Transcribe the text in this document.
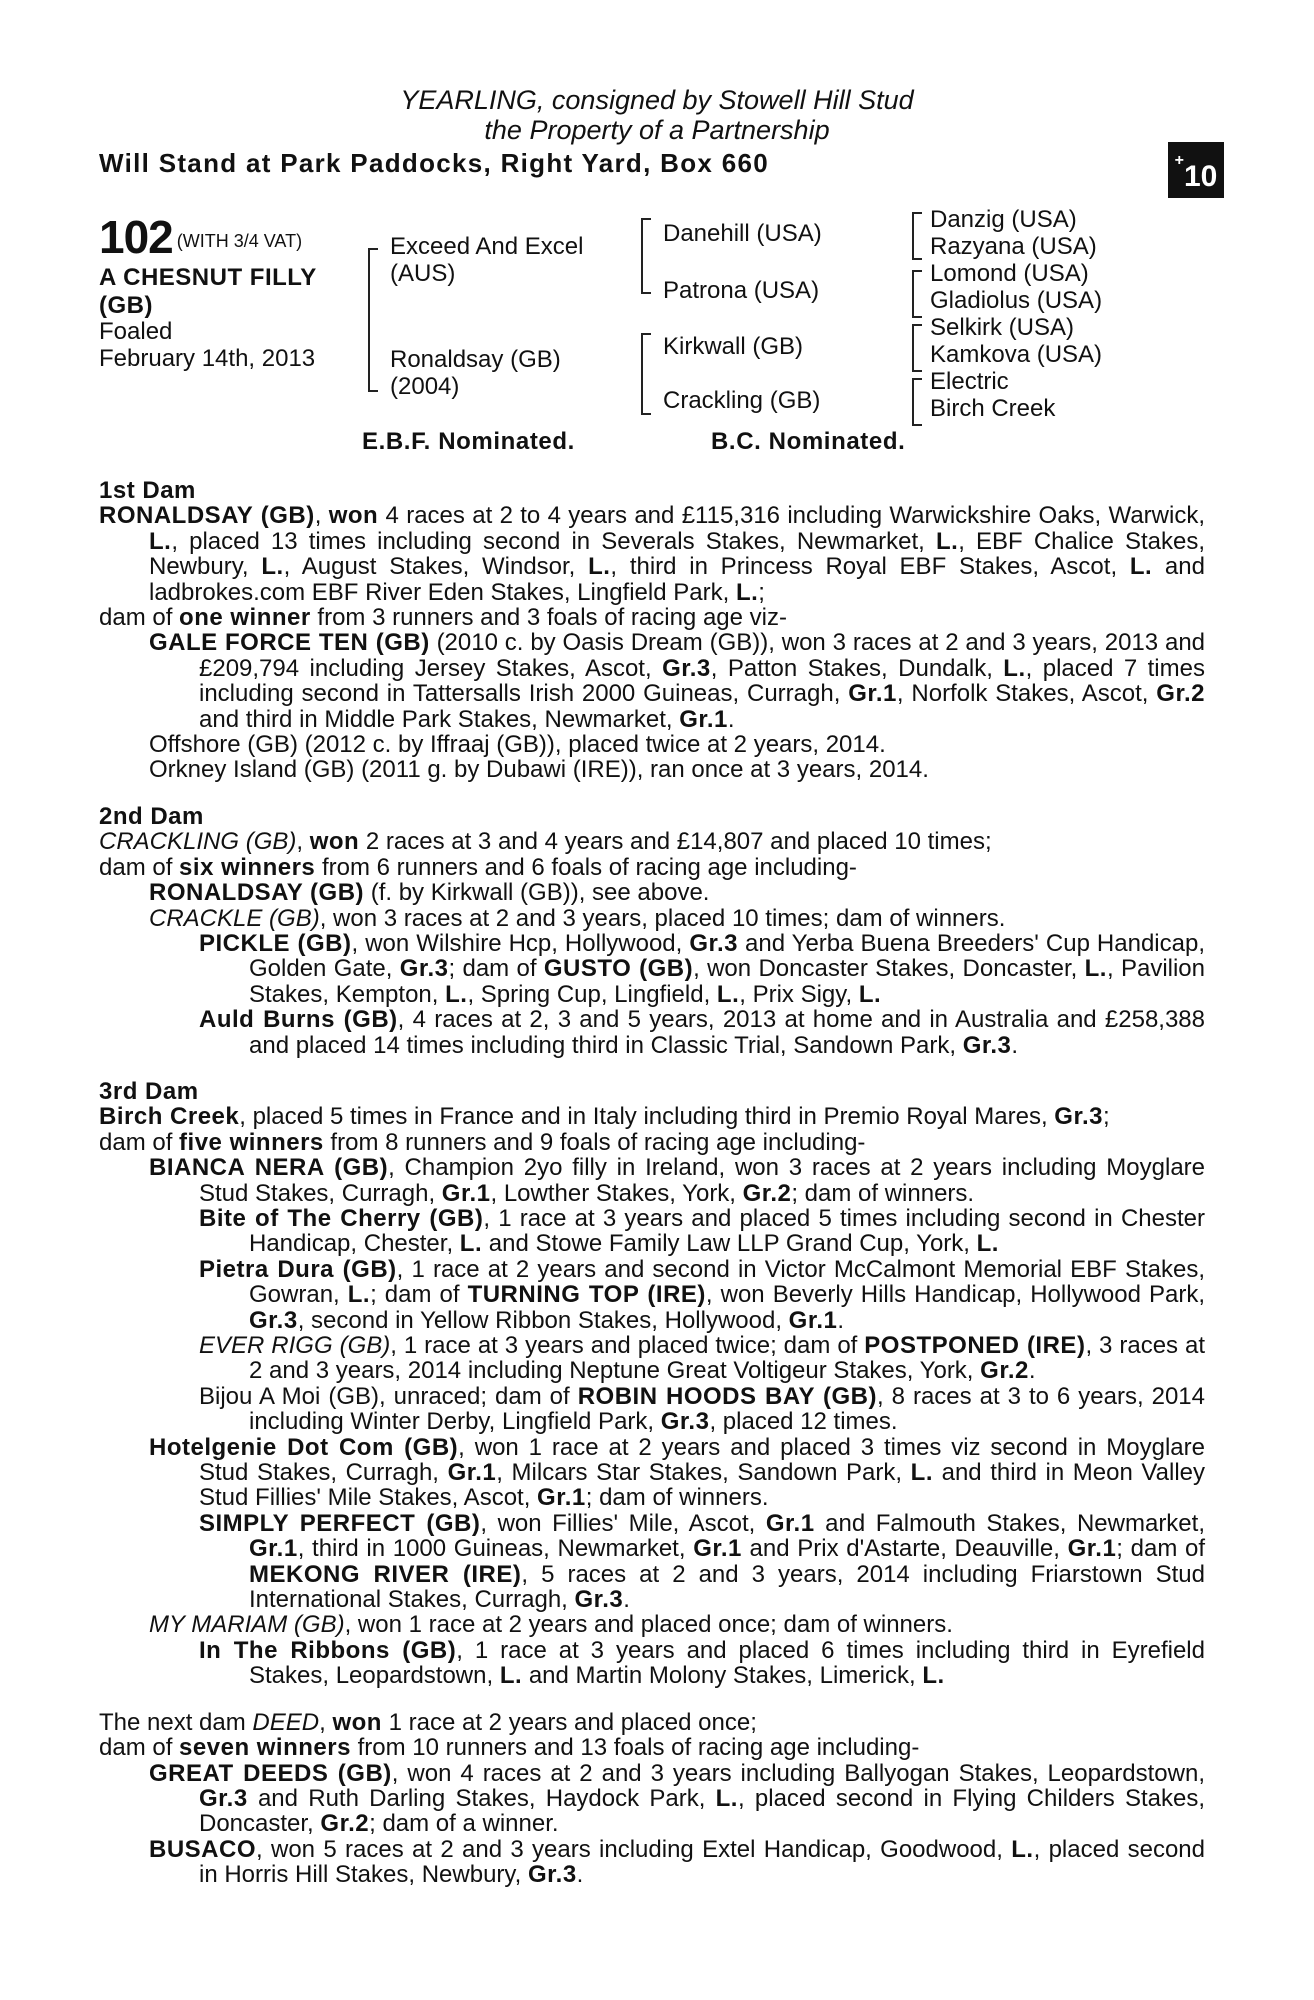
YEARLING, consigned by Stowell Hill Stud
the Property of a Partnership
Will Stand at Park Paddocks, Right Yard, Box 660	+10
102 $^{(WITH 3/4 VAT)}$
A CHESNUT FILLY
(GB)
Foaled
February 14th, 2013
Exceed And Excel
(AUS)
Ronaldsay (GB)
(2004)
Danehill (USA)
Patrona (USA)
Kirkwall (GB)
Crackling (GB)
Danzig (USA)
Razyana (USA)
Lomond (USA)
Gladiolus (USA)
Selkirk (USA)
Kamkova (USA)
Electric
Birch Creek
E.B.F. Nominated.	B.C. Nominated.

1st Dam

RONALDSAY (GB), won 4 races at 2 to 4 years and £115,316 including Warwickshire Oaks, Warwick, L., placed 13 times including second in Severals Stakes, Newmarket, L., EBF Chalice Stakes, Newbury, L., August Stakes, Windsor, L., third in Princess Royal EBF Stakes, Ascot, L. and ladbrokes.com EBF River Eden Stakes, Lingfield Park, L.;

dam of one winner from 3 runners and 3 foals of racing age viz-

GALE FORCE TEN (GB) (2010 c. by Oasis Dream (GB)), won 3 races at 2 and 3 years, 2013 and £209,794 including Jersey Stakes, Ascot, Gr.3, Patton Stakes, Dundalk, L., placed 7 times including second in Tattersalls Irish 2000 Guineas, Curragh, Gr.1, Norfolk Stakes, Ascot, Gr.2 and third in Middle Park Stakes, Newmarket, Gr.1.

Offshore (GB) (2012 c. by Iffraaj (GB)), placed twice at 2 years, 2014.

Orkney Island (GB) (2011 g. by Dubawi (IRE)), ran once at 3 years, 2014.

2nd Dam

CRACKLING (GB), won 2 races at 3 and 4 years and £14,807 and placed 10 times;

dam of six winners from 6 runners and 6 foals of racing age including-

RONALDSAY (GB) (f. by Kirkwall (GB)), see above.

CRACKLE (GB), won 3 races at 2 and 3 years, placed 10 times; dam of winners.

PICKLE (GB), won Wilshire Hcp, Hollywood, Gr.3 and Yerba Buena Breeders' Cup Handicap, Golden Gate, Gr.3; dam of GUSTO (GB), won Doncaster Stakes, Doncaster, L., Pavilion Stakes, Kempton, L., Spring Cup, Lingfield, L., Prix Sigy, L.

Auld Burns (GB), 4 races at 2, 3 and 5 years, 2013 at home and in Australia and £258,388 and placed 14 times including third in Classic Trial, Sandown Park, Gr.3.

3rd Dam

Birch Creek, placed 5 times in France and in Italy including third in Premio Royal Mares, Gr.3;

dam of five winners from 8 runners and 9 foals of racing age including-

BIANCA NERA (GB), Champion 2yo filly in Ireland, won 3 races at 2 years including Moyglare Stud Stakes, Curragh, Gr.1, Lowther Stakes, York, Gr.2; dam of winners.

Bite of The Cherry (GB), 1 race at 3 years and placed 5 times including second in Chester Handicap, Chester, L. and Stowe Family Law LLP Grand Cup, York, L.

Pietra Dura (GB), 1 race at 2 years and second in Victor McCalmont Memorial EBF Stakes, Gowran, L.; dam of TURNING TOP (IRE), won Beverly Hills Handicap, Hollywood Park, Gr.3, second in Yellow Ribbon Stakes, Hollywood, Gr.1.

EVER RIGG (GB), 1 race at 3 years and placed twice; dam of POSTPONED (IRE), 3 races at 2 and 3 years, 2014 including Neptune Great Voltigeur Stakes, York, Gr.2.

Bijou A Moi (GB), unraced; dam of ROBIN HOODS BAY (GB), 8 races at 3 to 6 years, 2014 including Winter Derby, Lingfield Park, Gr.3, placed 12 times.

Hotelgenie Dot Com (GB), won 1 race at 2 years and placed 3 times viz second in Moyglare Stud Stakes, Curragh, Gr.1, Milcars Star Stakes, Sandown Park, L. and third in Meon Valley Stud Fillies' Mile Stakes, Ascot, Gr.1; dam of winners.

SIMPLY PERFECT (GB), won Fillies' Mile, Ascot, Gr.1 and Falmouth Stakes, Newmarket, Gr.1, third in 1000 Guineas, Newmarket, Gr.1 and Prix d'Astarte, Deauville, Gr.1; dam of MEKONG RIVER (IRE), 5 races at 2 and 3 years, 2014 including Friarstown Stud International Stakes, Curragh, Gr.3.

MY MARIAM (GB), won 1 race at 2 years and placed once; dam of winners.

In The Ribbons (GB), 1 race at 3 years and placed 6 times including third in Eyrefield Stakes, Leopardstown, L. and Martin Molony Stakes, Limerick, L.

The next dam DEED, won 1 race at 2 years and placed once;

dam of seven winners from 10 runners and 13 foals of racing age including-

GREAT DEEDS (GB), won 4 races at 2 and 3 years including Ballyogan Stakes, Leopardstown, Gr.3 and Ruth Darling Stakes, Haydock Park, L., placed second in Flying Childers Stakes, Doncaster, Gr.2; dam of a winner.

BUSACO, won 5 races at 2 and 3 years including Extel Handicap, Goodwood, L., placed second in Horris Hill Stakes, Newbury, Gr.3.
